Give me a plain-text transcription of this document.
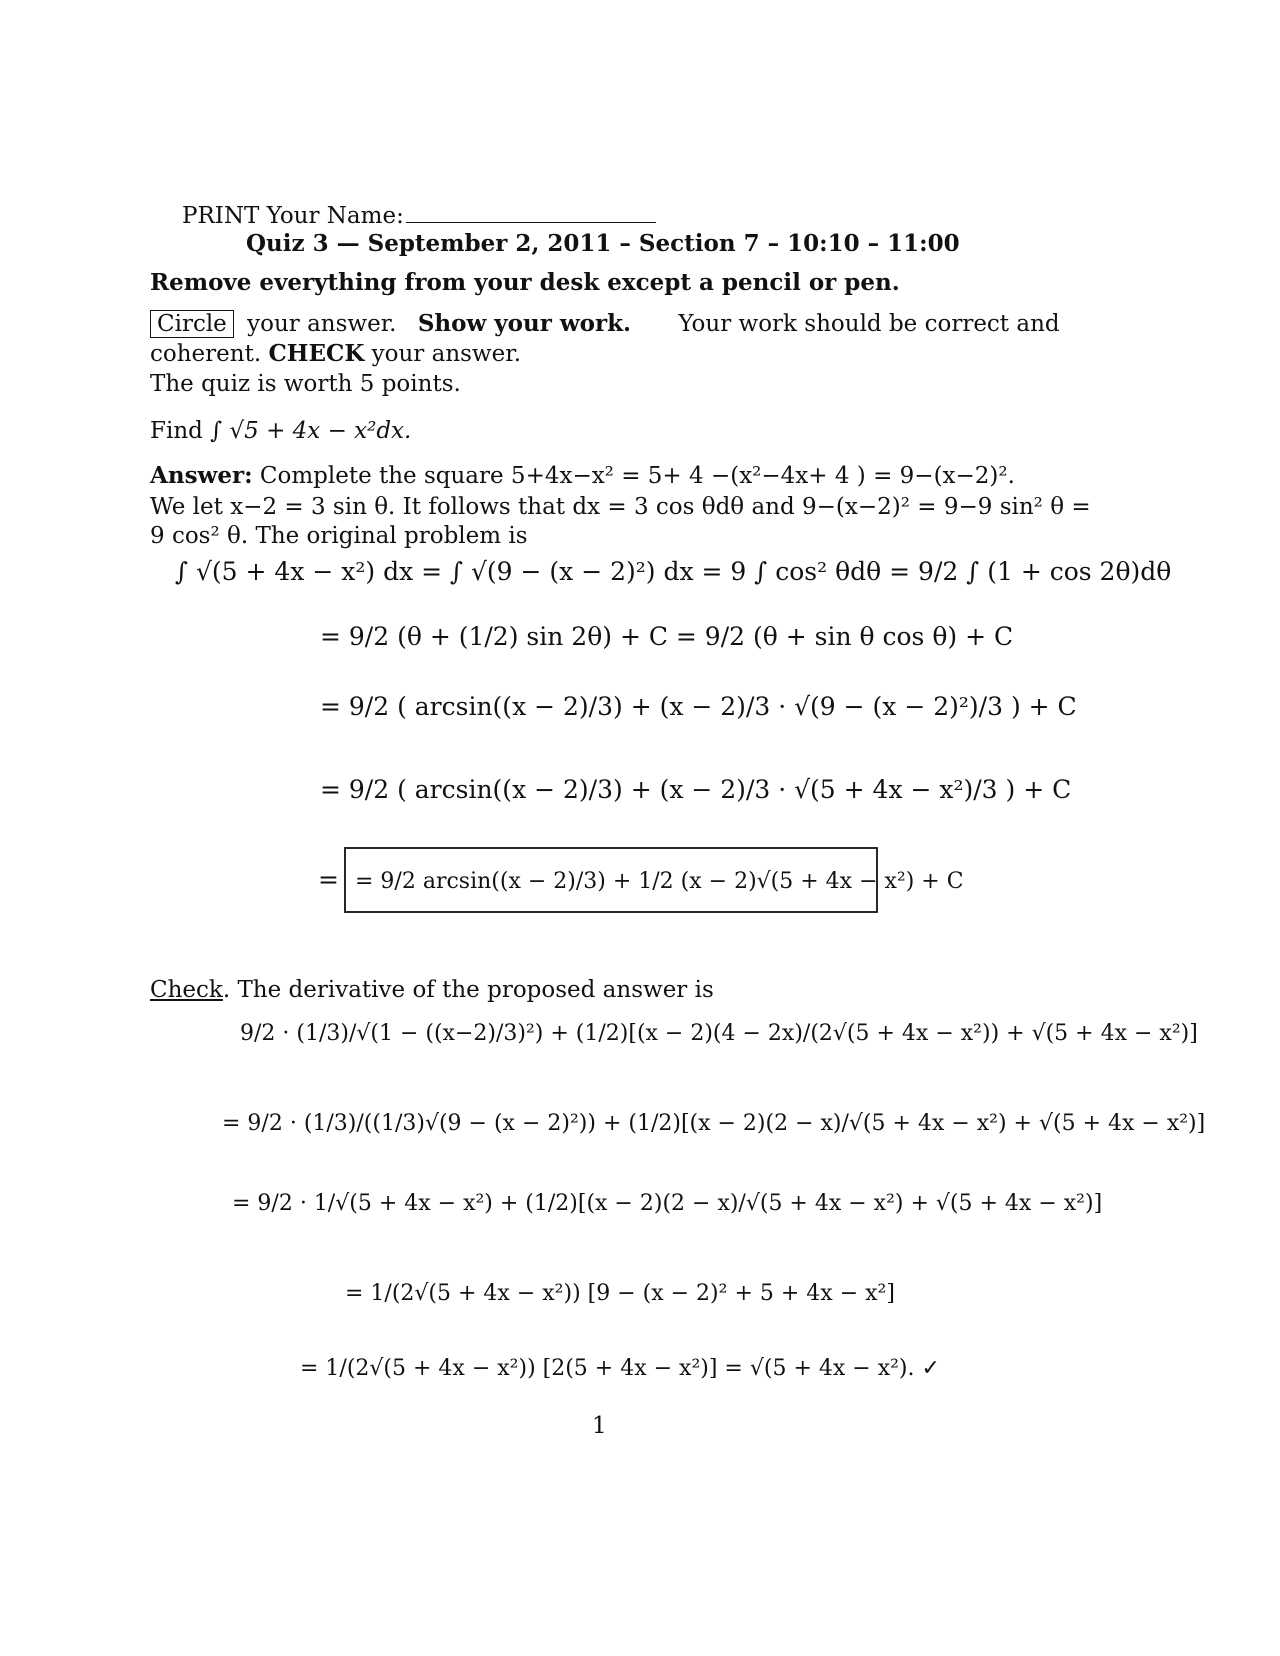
PRINT Your Name:
Quiz 3 — September 2, 2011 – Section 7 – 10:10 – 11:00
Remove everything from your desk except a pencil or pen.
Circle your answer. Show your work. Your work should be correct and
coherent. CHECK your answer.
The quiz is worth 5 points.
Find ∫ √5 + 4x − x²dx.
Answer: Complete the square 5+4x−x² = 5+ 4 −(x²−4x+ 4 ) = 9−(x−2)².
We let x−2 = 3 sin θ. It follows that dx = 3 cos θdθ and 9−(x−2)² = 9−9 sin² θ =
9 cos² θ. The original problem is
∫ √(5 + 4x − x²) dx = ∫ √(9 − (x − 2)²) dx = 9 ∫ cos² θdθ = 9/2 ∫ (1 + cos 2θ)dθ
= 9/2 (θ + (1/2) sin 2θ) + C = 9/2 (θ + sin θ cos θ) + C
= 9/2 ( arcsin((x − 2)/3) + (x − 2)/3 · √(9 − (x − 2)²)/3 ) + C
= 9/2 ( arcsin((x − 2)/3) + (x − 2)/3 · √(5 + 4x − x²)/3 ) + C
= = 9/2 arcsin((x − 2)/3) + 1/2 (x − 2)√(5 + 4x − x²) + C
9/2 · (1/3)/√(1 − ((x−2)/3)²) + (1/2)[(x − 2)(4 − 2x)/(2√(5 + 4x − x²)) + √(5 + 4x − x²)]
= 9/2 · (1/3)/((1/3)√(9 − (x − 2)²)) + (1/2)[(x − 2)(2 − x)/√(5 + 4x − x²) + √(5 + 4x − x²)]
= 9/2 · 1/√(5 + 4x − x²) + (1/2)[(x − 2)(2 − x)/√(5 + 4x − x²) + √(5 + 4x − x²)]
= 1/(2√(5 + 4x − x²)) [9 − (x − 2)² + 5 + 4x − x²]
= 1/(2√(5 + 4x − x²)) [2(5 + 4x − x²)] = √(5 + 4x − x²). ✓
Check. The derivative of the proposed answer is
1
